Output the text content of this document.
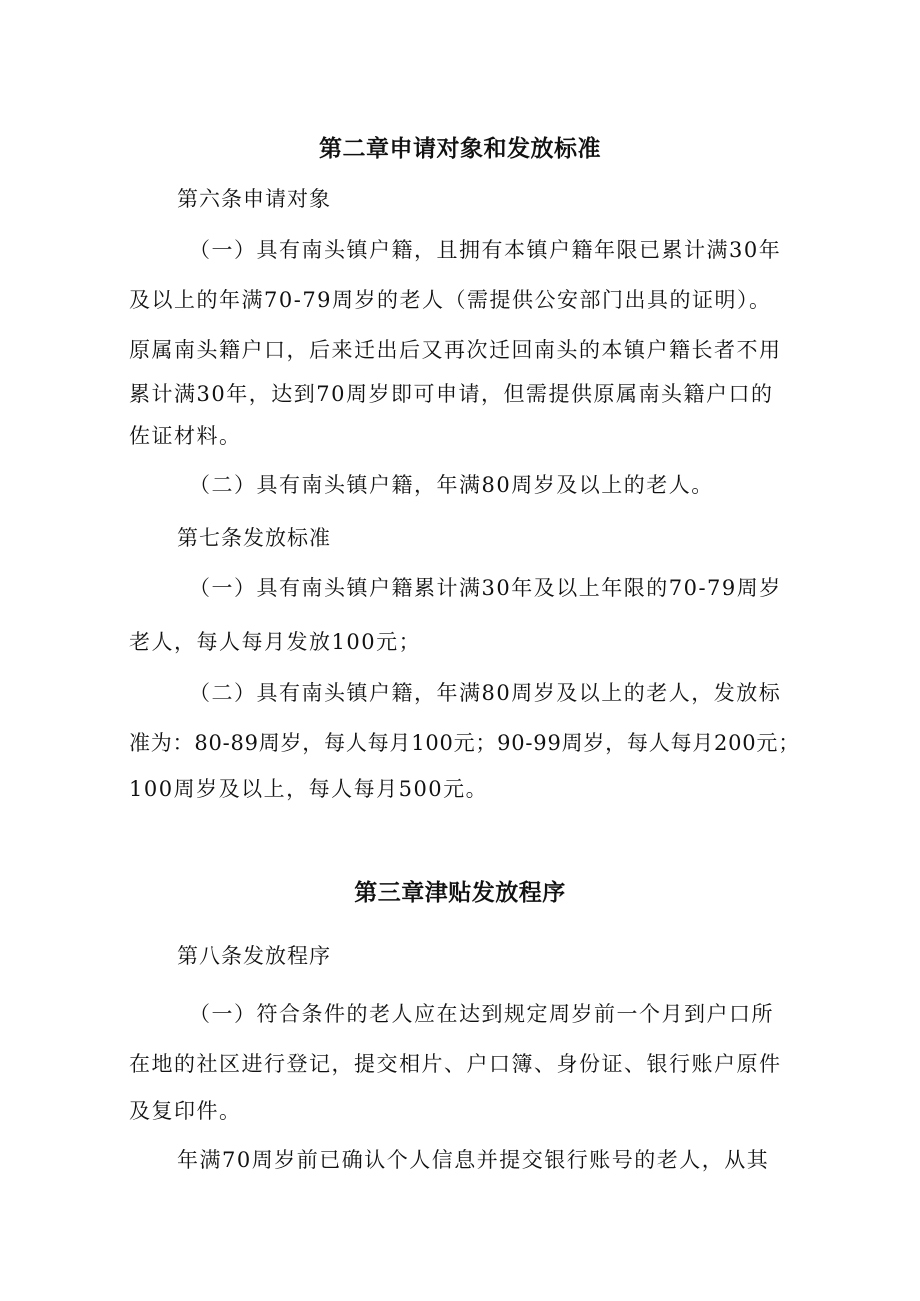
第二章申请对象和发放标准
第六条申请对象
（一）具有南头镇户籍，且拥有本镇户籍年限已累计满30年
及以上的年满70-79周岁的老人（需提供公安部门出具的证明）。
原属南头籍户口，后来迁出后又再次迁回南头的本镇户籍长者不用
累计满30年，达到70周岁即可申请，但需提供原属南头籍户口的
佐证材料。
（二）具有南头镇户籍，年满80周岁及以上的老人。
第七条发放标准
（一）具有南头镇户籍累计满30年及以上年限的70-79周岁
老人，每人每月发放100元；
（二）具有南头镇户籍，年满80周岁及以上的老人，发放标
准为：80-89周岁，每人每月100元；90-99周岁，每人每月200元；
100周岁及以上，每人每月500元。
第三章津贴发放程序
第八条发放程序
（一）符合条件的老人应在达到规定周岁前一个月到户口所
在地的社区进行登记，提交相片、户口簿、身份证、银行账户原件
及复印件。
年满70周岁前已确认个人信息并提交银行账号的老人，从其
